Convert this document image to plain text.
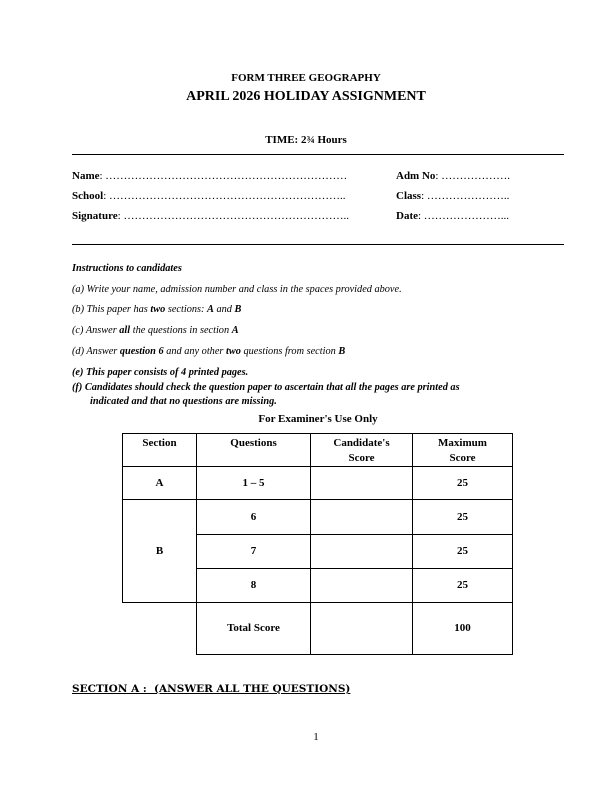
FORM THREE GEOGRAPHY
APRIL 2026 HOLIDAY ASSIGNMENT
TIME: 2¾ Hours
Name: …………………………………………………………	Adm No: ……………….
School: ………………………………………………………..	Class: …………………..
Signature: ……………………………………………………..	Date: …………………...
Instructions to candidates
(a) Write your name, admission number and class in the spaces provided above.
(b) This paper has two sections: A and B
(c) Answer all the questions in section A
(d) Answer question 6 and any other two questions from section B
(e) This paper consists of 4 printed pages.
(f) Candidates should check the question paper to ascertain that all the pages are printed as
indicated and that no questions are missing.
For Examiner's Use Only
Section	Questions	Candidate's Score	Maximum Score
A	1 – 5		25
B	6		25
	7		25
	8		25
	Total Score		100
SECTION A :  (ANSWER ALL THE QUESTIONS)
1
